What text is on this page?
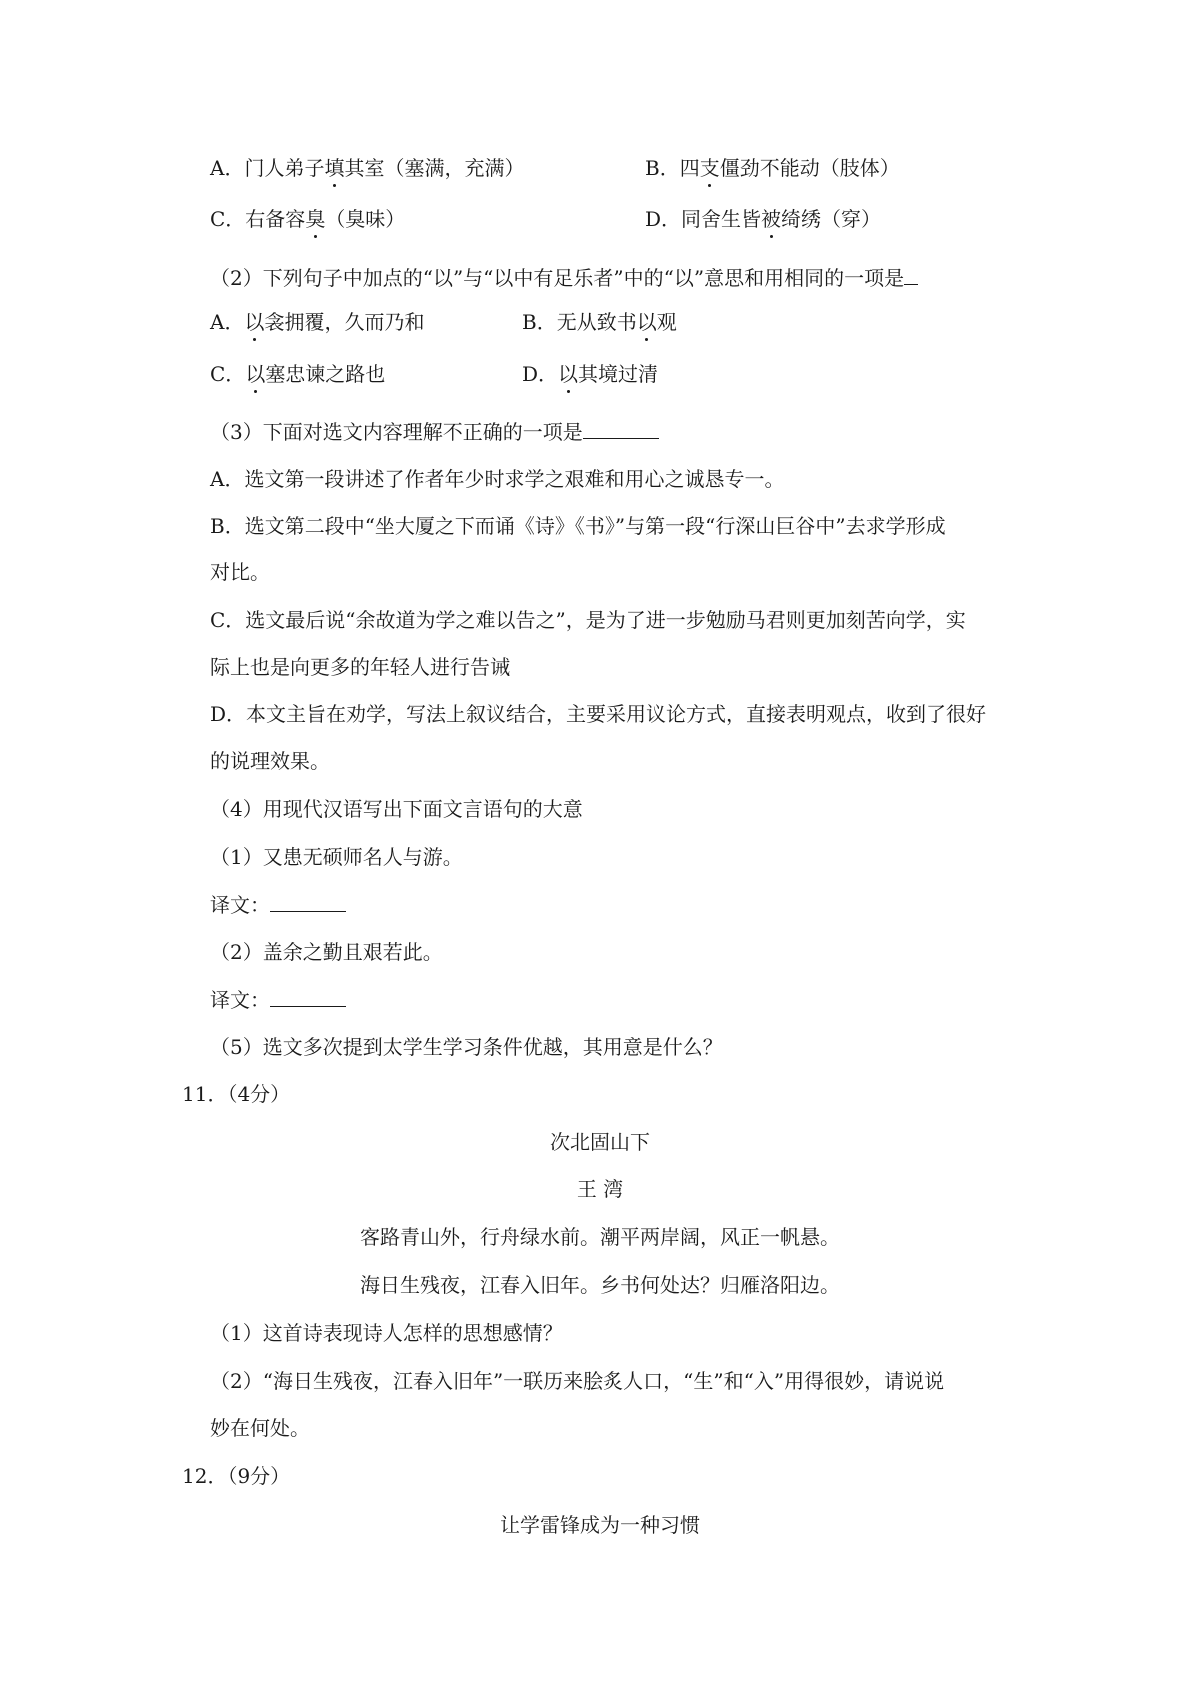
A．门人弟子填其室（塞满，充满）	B．四支僵劲不能动（肢体）
C．右备容臭（臭味）	D．同舍生皆被绮绣（穿）
（2）下列句子中加点的“以”与“以中有足乐者”中的“以”意思和用相同的一项是
A．以衾拥覆，久而乃和	B．无从致书以观
C．以塞忠谏之路也	D．以其境过清
（3）下面对选文内容理解不正确的一项是
A．选文第一段讲述了作者年少时求学之艰难和用心之诚恳专一。
B．选文第二段中“坐大厦之下而诵《诗》《书》”与第一段“行深山巨谷中”去求学形成
对比。
C．选文最后说“余故道为学之难以告之”，是为了进一步勉励马君则更加刻苦向学，实
际上也是向更多的年轻人进行告诫
D．本文主旨在劝学，写法上叙议结合，主要采用议论方式，直接表明观点，收到了很好
的说理效果。
（4）用现代汉语写出下面文言语句的大意
（1）又患无硕师名人与游。
译文：
（2）盖余之勤且艰若此。
译文：
（5）选文多次提到太学生学习条件优越，其用意是什么？
11．（4分）
次北固山下
王 湾
客路青山外，行舟绿水前。潮平两岸阔，风正一帆悬。
海日生残夜，江春入旧年。乡书何处达？归雁洛阳边。
（1）这首诗表现诗人怎样的思想感情？
（2）“海日生残夜，江春入旧年”一联历来脍炙人口，“生”和“入”用得很妙，请说说
妙在何处。
12．（9分）
让学雷锋成为一种习惯
